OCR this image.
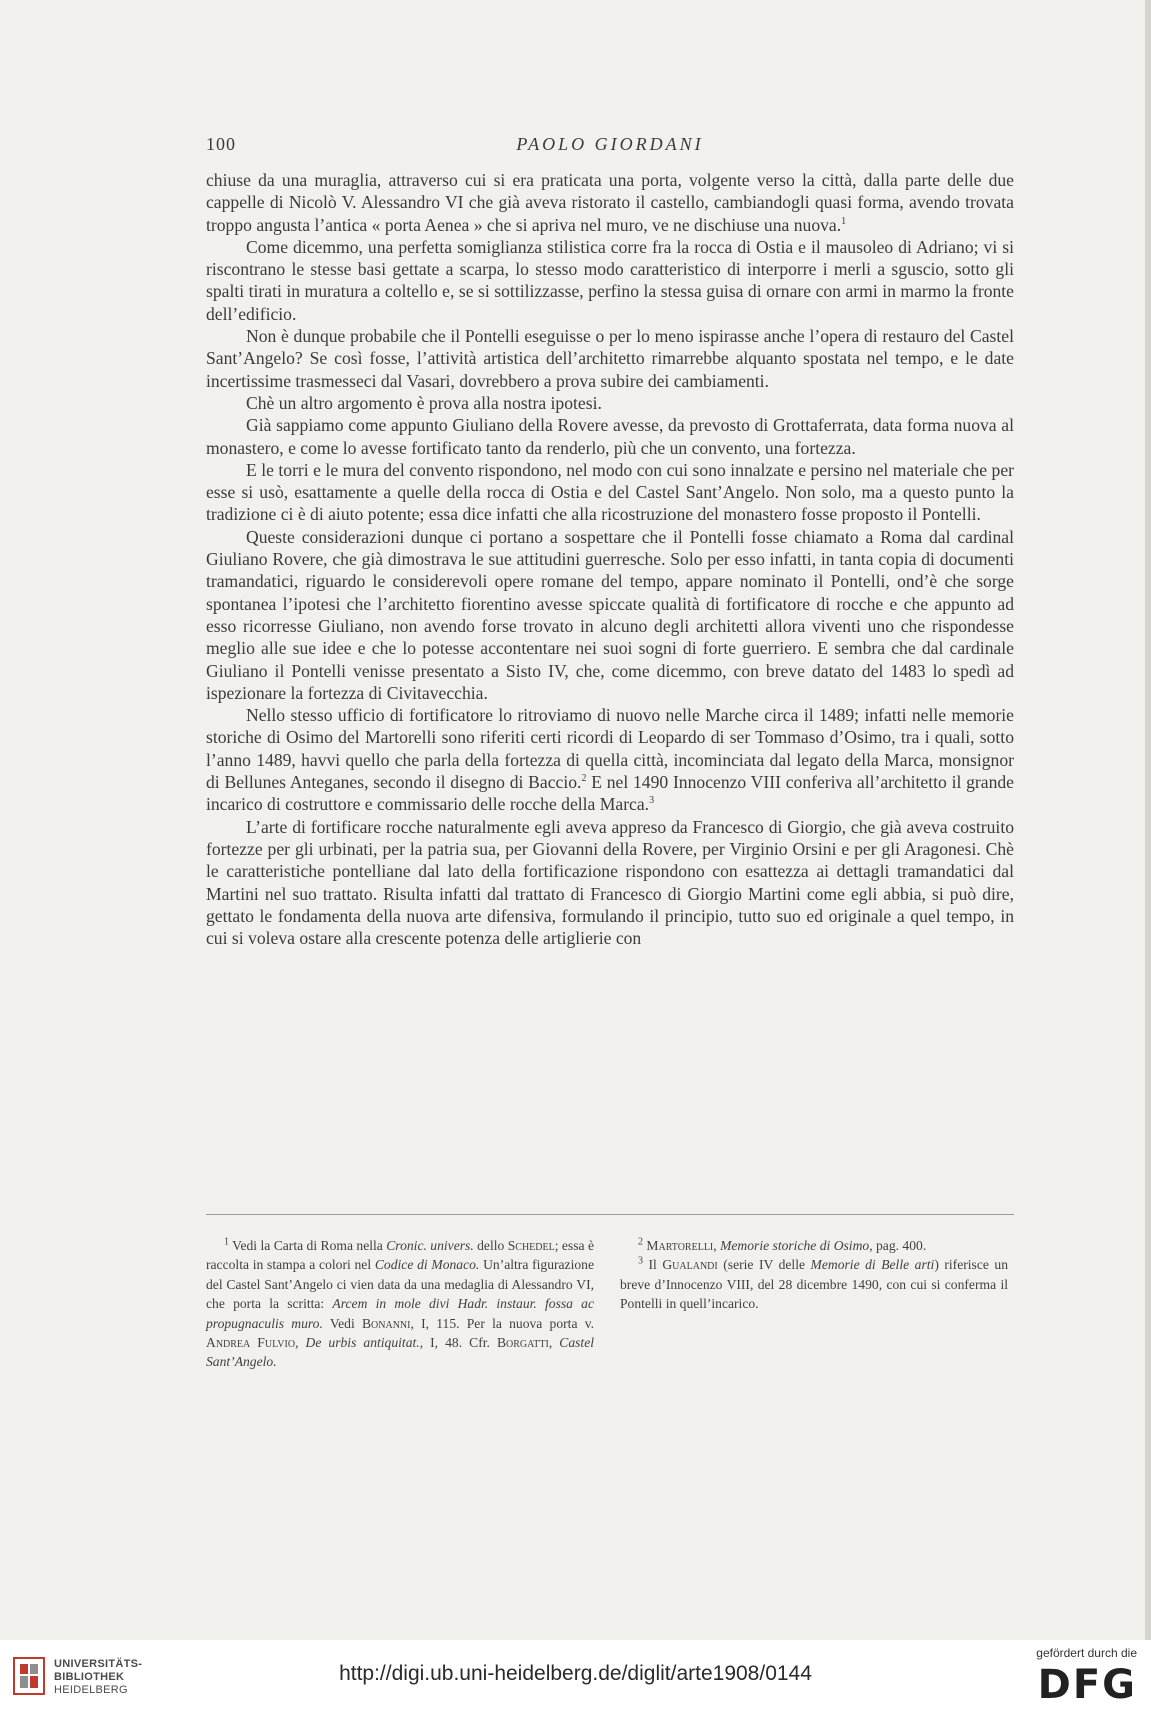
100	PAOLO GIORDANI

chiuse da una muraglia, attraverso cui si era praticata una porta, volgente verso la città, dalla parte delle due cappelle di Nicolò V. Alessandro VI che già aveva ristorato il castello, cambiandogli quasi forma, avendo trovata troppo angusta l’antica « porta Aenea » che si apriva nel muro, ve ne dischiuse una nuova.$^1$

Come dicemmo, una perfetta somiglianza stilistica corre fra la rocca di Ostia e il mausoleo di Adriano; vi si riscontrano le stesse basi gettate a scarpa, lo stesso modo caratteristico di interporre i merli a sguscio, sotto gli spalti tirati in muratura a coltello e, se si sottilizzasse, perfino la stessa guisa di ornare con armi in marmo la fronte dell’edificio.

Non è dunque probabile che il Pontelli eseguisse o per lo meno ispirasse anche l’opera di restauro del Castel Sant’Angelo? Se così fosse, l’attività artistica dell’architetto rimarrebbe alquanto spostata nel tempo, e le date incertissime trasmesseci dal Vasari, dovrebbero a prova subire dei cambiamenti.

Chè un altro argomento è prova alla nostra ipotesi.

Già sappiamo come appunto Giuliano della Rovere avesse, da prevosto di Grottaferrata, data forma nuova al monastero, e come lo avesse fortificato tanto da renderlo, più che un convento, una fortezza.

E le torri e le mura del convento rispondono, nel modo con cui sono innalzate e persino nel materiale che per esse si usò, esattamente a quelle della rocca di Ostia e del Castel Sant’Angelo. Non solo, ma a questo punto la tradizione ci è di aiuto potente; essa dice infatti che alla ricostruzione del monastero fosse proposto il Pontelli.

Queste considerazioni dunque ci portano a sospettare che il Pontelli fosse chiamato a Roma dal cardinal Giuliano Rovere, che già dimostrava le sue attitudini guerresche. Solo per esso infatti, in tanta copia di documenti tramandatici, riguardo le considerevoli opere romane del tempo, appare nominato il Pontelli, ond’è che sorge spontanea l’ipotesi che l’architetto fiorentino avesse spiccate qualità di fortificatore di rocche e che appunto ad esso ricorresse Giuliano, non avendo forse trovato in alcuno degli architetti allora viventi uno che rispondesse meglio alle sue idee e che lo potesse accontentare nei suoi sogni di forte guerriero. E sembra che dal cardinale Giuliano il Pontelli venisse presentato a Sisto IV, che, come dicemmo, con breve datato del 1483 lo spedì ad ispezionare la fortezza di Civitavecchia.

Nello stesso ufficio di fortificatore lo ritroviamo di nuovo nelle Marche circa il 1489; infatti nelle memorie storiche di Osimo del Martorelli sono riferiti certi ricordi di Leopardo di ser Tommaso d’Osimo, tra i quali, sotto l’anno 1489, havvi quello che parla della fortezza di quella città, incominciata dal legato della Marca, monsignor di Bellunes Anteganes, secondo il disegno di Baccio.$^2$ E nel 1490 Innocenzo VIII conferiva all’architetto il grande incarico di costruttore e commissario delle rocche della Marca.$^3$

L’arte di fortificare rocche naturalmente egli aveva appreso da Francesco di Giorgio, che già aveva costruito fortezze per gli urbinati, per la patria sua, per Giovanni della Rovere, per Virginio Orsini e per gli Aragonesi. Chè le caratteristiche pontelliane dal lato della fortificazione rispondono con esattezza ai dettagli tramandatici dal Martini nel suo trattato. Risulta infatti dal trattato di Francesco di Giorgio Martini come egli abbia, si può dire, gettato le fondamenta della nuova arte difensiva, formulando il principio, tutto suo ed originale a quel tempo, in cui si voleva ostare alla crescente potenza delle artiglierie con

$^1$ Vedi la Carta di Roma nella Cronic. univers. dello Schedel; essa è raccolta in stampa a colori nel Codice di Monaco. Un’altra figurazione del Castel Sant’Angelo ci vien data da una medaglia di Alessandro VI, che porta la scritta: Arcem in mole divi Hadr. instaur. fossa ac propugnaculis muro. Vedi Bonanni, I, 115. Per la nuova porta v. Andrea Fulvio, De urbis antiquitat., I, 48. Cfr. Borgatti, Castel Sant’Angelo.

$^2$ Martorelli, Memorie storiche di Osimo, pag. 400.

$^3$ Il Gualandi (serie IV delle Memorie di Belle arti) riferisce un breve d’Innocenzo VIII, del 28 dicembre 1490, con cui si conferma il Pontelli in quell’incarico.

UNIVERSITÄTS-
BIBLIOTHEK
HEIDELBERG
http://digi.ub.uni-heidelberg.de/diglit/arte1908/0144
gefördert durch die
DFG
